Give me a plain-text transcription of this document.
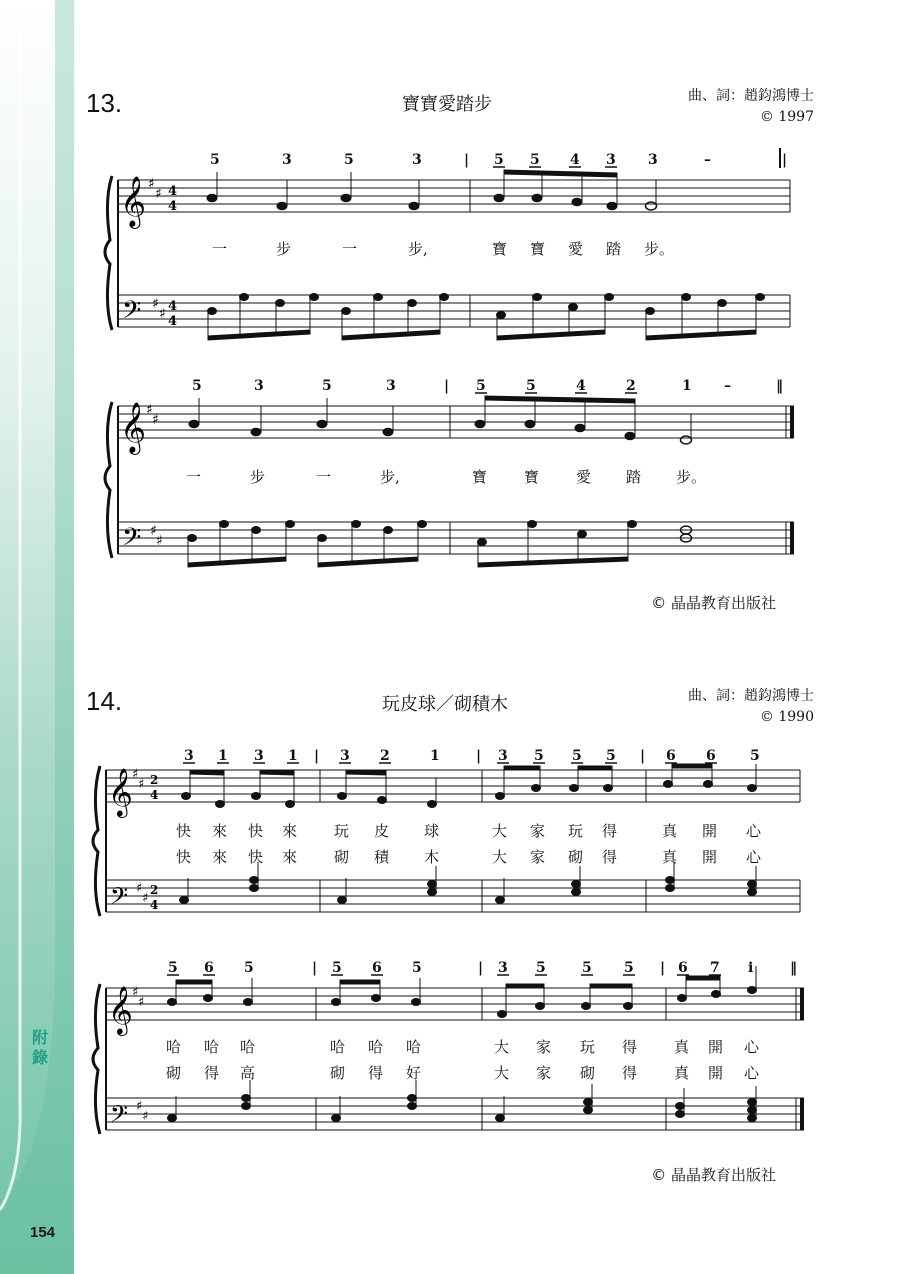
附錄
154
13.	寶寶愛踏步	曲、詞：趙鈞鴻博士
© 1997
5	3	5	3	| 5 5 4 3 3	–	|
𝄞
𝄢
♯
♯
♯
♯
4
4
4
4
一	步	一	步,	寶 寶 愛 踏 步。
5	3	5	3	| 5	5	4	2	1 –	‖
𝄞
𝄢
♯
♯
♯
♯
一	步	一	步,	寶 寶 愛 踏 步。
© 晶晶教育出版社
14.	玩皮球／砌積木	曲、詞：趙鈞鴻博士
© 1990
3 1 3 1 | 3 2	1	| 3 5 5 5 | 6 6 5
𝄞
𝄢
♯
♯
♯
♯
2
4
2
4
快 來 快 來 玩 皮 球	大 家 玩 得	真 開 心
快 來 快 來 砌 積 木	大 家 砌 得	真 開 心
5 6 5	| 5 6 5	| 3 5	5 5 | 6 7 i	‖
𝄞
𝄢
♯
♯
♯
♯
哈 哈 哈	哈 哈 哈	大 家 玩 得 真 開 心
砌 得 高	砌 得 好	大 家 砌 得 真 開 心
© 晶晶教育出版社
